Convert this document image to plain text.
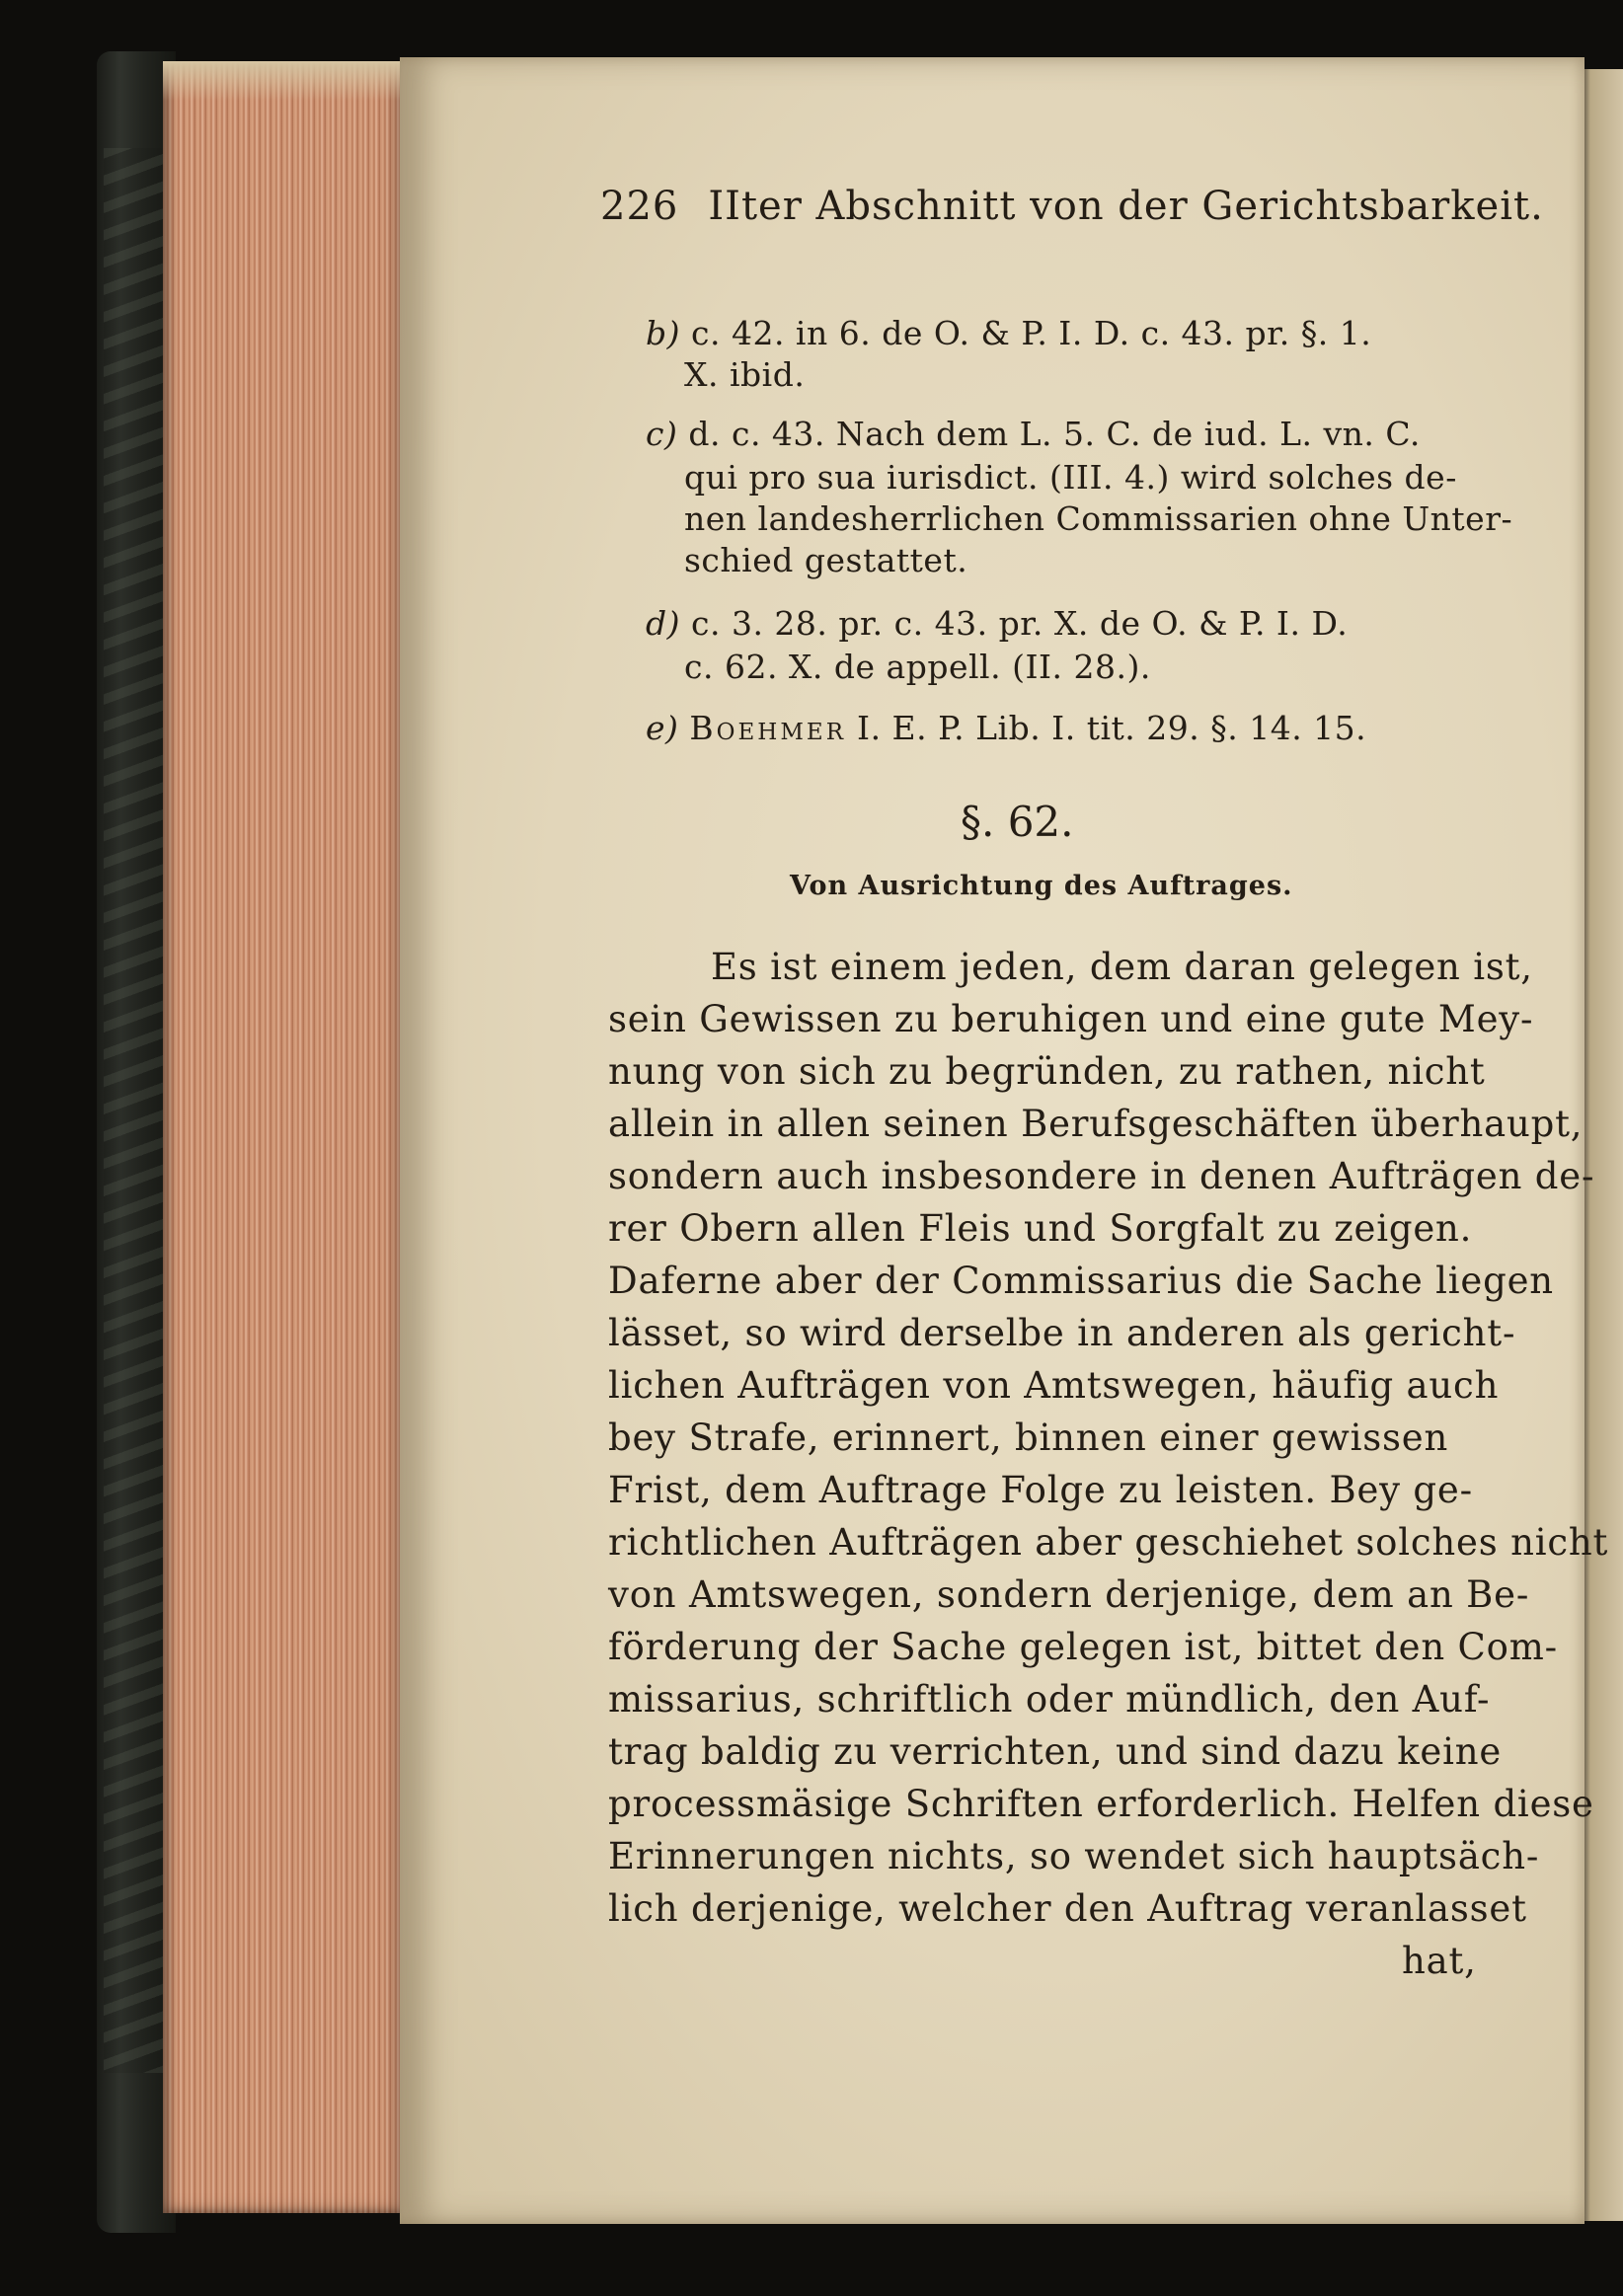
226 IIter Abschnitt von der Gerichtsbarkeit.
b) c. 42. in 6. de O. & P. I. D. c. 43. pr. §. 1.
X. ibid.
c) d. c. 43. Nach dem L. 5. C. de iud. L. vn. C.
qui pro sua iurisdict. (III. 4.) wird solches de-
nen landesherrlichen Commissarien ohne Unter-
schied gestattet.
d) c. 3. 28. pr. c. 43. pr. X. de O. & P. I. D.
c. 62. X. de appell. (II. 28.).
e) Boehmer I. E. P. Lib. I. tit. 29. §. 14. 15.
§. 62.
Von Ausrichtung des Auftrages.
Es ist einem jeden, dem daran gelegen ist,
sein Gewissen zu beruhigen und eine gute Mey-
nung von sich zu begründen, zu rathen, nicht
allein in allen seinen Berufsgeschäften überhaupt,
sondern auch insbesondere in denen Aufträgen de-
rer Obern allen Fleis und Sorgfalt zu zeigen.
Daferne aber der Commissarius die Sache liegen
lässet, so wird derselbe in anderen als gericht-
lichen Aufträgen von Amtswegen, häufig auch
bey Strafe, erinnert, binnen einer gewissen
Frist, dem Auftrage Folge zu leisten. Bey ge-
richtlichen Aufträgen aber geschiehet solches nicht
von Amtswegen, sondern derjenige, dem an Be-
förderung der Sache gelegen ist, bittet den Com-
missarius, schriftlich oder mündlich, den Auf-
trag baldig zu verrichten, und sind dazu keine
processmäsige Schriften erforderlich. Helfen diese
Erinnerungen nichts, so wendet sich hauptsäch-
lich derjenige, welcher den Auftrag veranlasset
hat,
